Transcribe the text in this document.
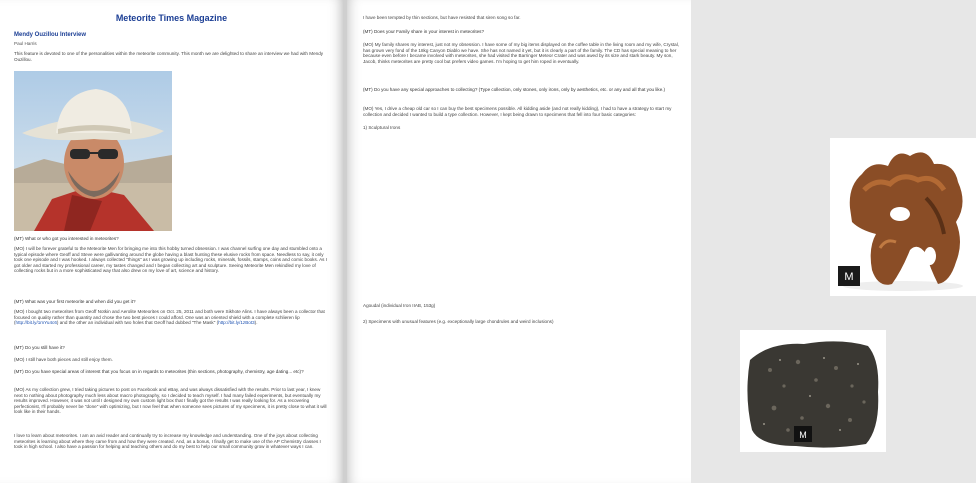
Meteorite Times Magazine
Mendy Ouzillou Interview
Paul Harris

This feature is devoted to one of the personalities within the meteorite community. This month we are delighted to share an interview we had with Mendy Ouzillou.

(MT) What or who got you interested in meteorites?

(MO) I will be forever grateful to the Meteorite Men for bringing me into this hobby turned obsession. I was channel surfing one day and stumbled onto a typical episode where Geoff and Steve were gallivanting around the globe having a blast hunting these elusive rocks from space. Needless to say, it only took one episode and I was hooked. I always collected "things" as I was growing up including rocks, minerals, fossils, stamps, coins and comic books. As I got older and started my professional career, my tastes changed and I began collecting art and sculpture. Seeing Meteorite Men rekindled my love of collecting rocks but in a more sophisticated way that also drew on my love of art, science and history.

(MT) What was your first meteorite and when did you get it?

(MO) I bought two meteorites from Geoff Notkin and Aerolite Meteorites on Oct. 25, 2011 and both were Sikhote Alins. I have always been a collector that focused on quality rather than quantity and chose the two best pieces I could afford. One was an oriented shield with a complete schlieren lip (http://bit.ly/1mYu4c6) and the other an individual with two holes that Geoff had dubbed "The Mask" (http://bit.ly/1zBot3).

(MT) Do you still have it?

(MO) I still have both pieces and still enjoy them.

(MT) Do you have special areas of interest that you focus on in regards to meteorites (thin sections, photography, chemistry, age dating... etc)?

(MO) As my collection grew, I tried taking pictures to post on Facebook and eBay, and was always dissatisfied with the results. Prior to last year, I knew next to nothing about photography much less about macro photography, so I decided to teach myself. I had many failed experiments, but eventually my results improved. However, it was not until I designed my own custom light box that I finally got the results I was really looking for. As a recovering perfectionist, I'll probably never be "done" with optimizing, but I now feel that when someone sees pictures of my specimens, it is pretty close to what it will look like in their hands.

I love to learn about meteorites. I am an avid reader and continually try to increase my knowledge and understanding. One of the joys about collecting meteorites is learning about where they came from and how they were created. And, as a bonus, I finally get to make use of the AP Chemistry classes I took in high school. I also have a passion for helping and teaching others and do my best to help our small community grow in whatever ways I can.

I have been tempted by thin sections, but have resisted that siren song so far.

(MT) Does your Family share in your interest in meteorites?

(MO) My family shares my interest, just not my obsession. I have some of my big items displayed on the coffee table in the living room and my wife, Crystal, has grown very fond of the 18kg Canyon Diablo we have. She has not named it yet, but it is clearly a part of the family. The CD has special meaning to her because even before I became involved with meteorites, she had visited the Barringer Meteor Crater and was awed by its size and stark beauty. My son, Jacob, thinks meteorites are pretty cool but prefers video games. I'm hoping to get him roped in eventually.

(MT) Do you have any special approaches to collecting? (Type collection, only stones, only irons, only by aesthetics, etc. or any and all that you like.)

(MO) Yes, I drive a cheap old car so I can buy the best specimens possible. All kidding aside (and not really kidding), I had to have a strategy to start my collection and decided I wanted to build a type collection. However, I kept being drawn to specimens that fell into four basic categories:

1) Sculptural Irons

M

Agoudal (individual Iron IIAB, 153g)

2) Specimens with unusual features (e.g. exceptionally large chondrules and weird inclusions)

M
